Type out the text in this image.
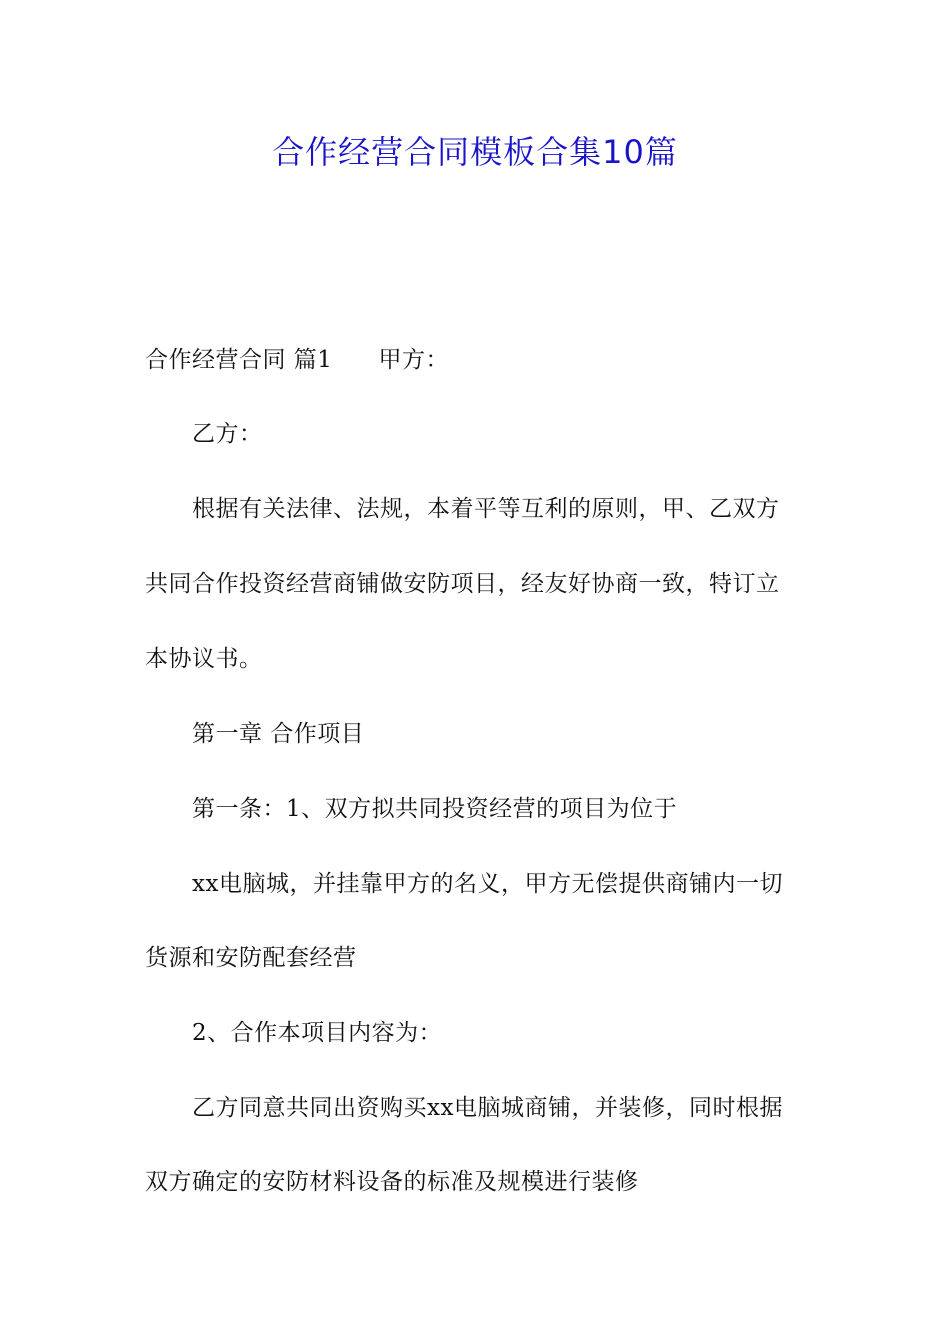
合作经营合同模板合集10篇
合作经营合同 篇1 甲方：
乙方：
根据有关法律、法规，本着平等互利的原则，甲、乙双方
共同合作投资经营商铺做安防项目，经友好协商一致，特订立
本协议书。
第一章 合作项目
第一条：1、双方拟共同投资经营的项目为位于
xx电脑城，并挂靠甲方的名义，甲方无偿提供商铺内一切
货源和安防配套经营
2、合作本项目内容为：
乙方同意共同出资购买xx电脑城商铺，并装修，同时根据
双方确定的安防材料设备的标准及规模进行装修
